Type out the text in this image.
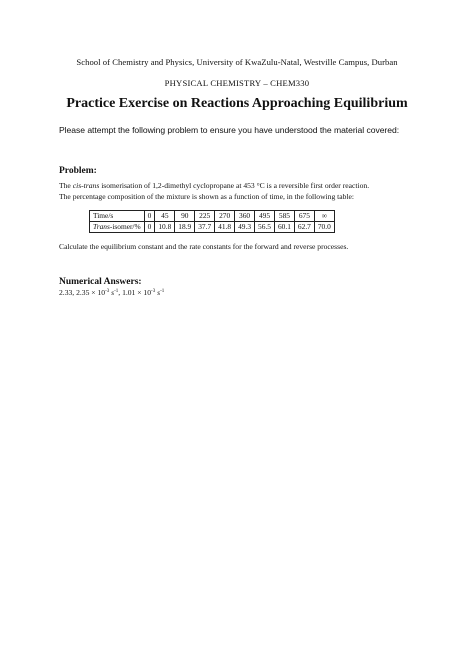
School of Chemistry and Physics, University of KwaZulu-Natal, Westville Campus, Durban
PHYSICAL CHEMISTRY – CHEM330
Practice Exercise on Reactions Approaching Equilibrium
Please attempt the following problem to ensure you have understood the material covered:
Problem:
The cis-trans isomerisation of 1,2-dimethyl cyclopropane at 453 °C is a reversible first order reaction.
The percentage composition of the mixture is shown as a function of time, in the following table:
Time/s	0	45	90	225	270	360	495	585	675	∞
Trans-isomer/%	0	10.8	18.9	37.7	41.8	49.3	56.5	60.1	62.7	70.0
Calculate the equilibrium constant and the rate constants for the forward and reverse processes.
Numerical Answers:
2.33, $2.35 \times 10^{-3}$ $s^{-1}$, $1.01 \times 10^{-3}$ $s^{-1}$
